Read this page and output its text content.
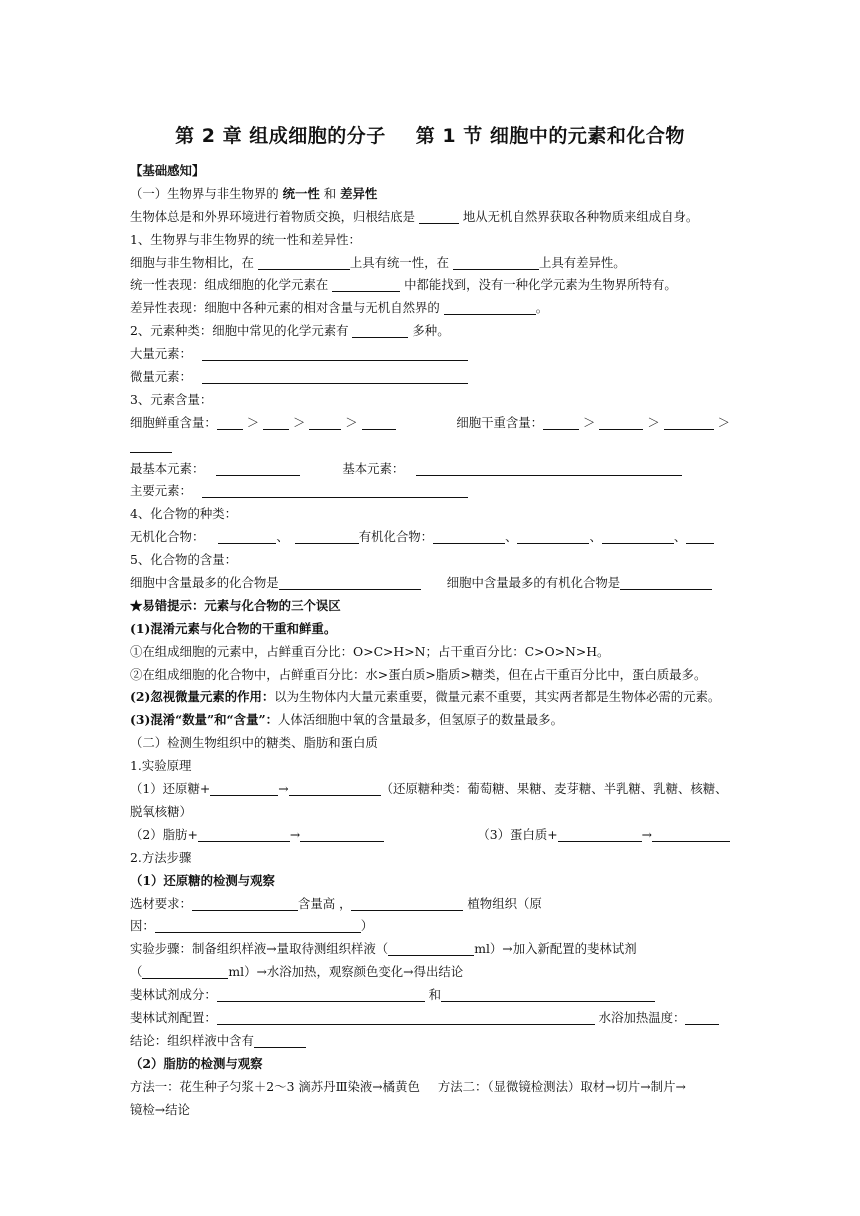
第 2 章 组成细胞的分子 第 1 节 细胞中的元素和化合物
【基础感知】
（一）生物界与非生物界的 统一性 和 差异性
生物体总是和外界环境进行着物质交换，归根结底是	地从无机自然界获取各种物质来组成自身。
1、生物界与非生物界的统一性和差异性：
细胞与非生物相比，在	上具有统一性，在	上具有差异性。
统一性表现：组成细胞的化学元素在	中都能找到，没有一种化学元素为生物界所特有。
差异性表现：细胞中各种元素的相对含量与无机自然界的	。
2、元素种类：细胞中常见的化学元素有	多种。
大量元素：
微量元素：
3、元素含量：
细胞鲜重含量： ＞	＞	＞	细胞干重含量：	＞	＞	＞
最基本元素：	基本元素：
主要元素：
4、化合物的种类：
无机化合物：	、	有机化合物：	、	、	、
5、化合物的含量：
细胞中含量最多的化合物是	细胞中含量最多的有机化合物是
★易错提示：元素与化合物的三个误区
(1)混淆元素与化合物的干重和鲜重。
①在组成细胞的元素中，占鲜重百分比：O>C>H>N；占干重百分比：C>O>N>H。
②在组成细胞的化合物中，占鲜重百分比：水>蛋白质>脂质>糖类，但在占干重百分比中，蛋白质最多。
(2)忽视微量元素的作用：以为生物体内大量元素重要，微量元素不重要，其实两者都是生物体必需的元素。
(3)混淆“数量”和“含量”：人体活细胞中氧的含量最多，但氢原子的数量最多。
（二）检测生物组织中的糖类、脂肪和蛋白质
1.实验原理
（1）还原糖+	→	（还原糖种类：葡萄糖、果糖、麦芽糖、半乳糖、乳糖、核糖、
脱氧核糖）
（2）脂肪+	→	（3）蛋白质+	→
2.方法步骤
（1）还原糖的检测与观察
选材要求：	含量高 ，	植物组织（原
因：	）
实验步骤：制备组织样液→量取待测组织样液（	ml）→加入新配置的斐林试剂
（	ml）→水浴加热，观察颜色变化→得出结论
斐林试剂成分：	和
斐林试剂配置：	水浴加热温度：
结论：组织样液中含有
（2）脂肪的检测与观察
方法一：花生种子匀浆＋2～3 滴苏丹Ⅲ染液→橘黄色 方法二：（显微镜检测法）取材→切片→制片→
镜检→结论
